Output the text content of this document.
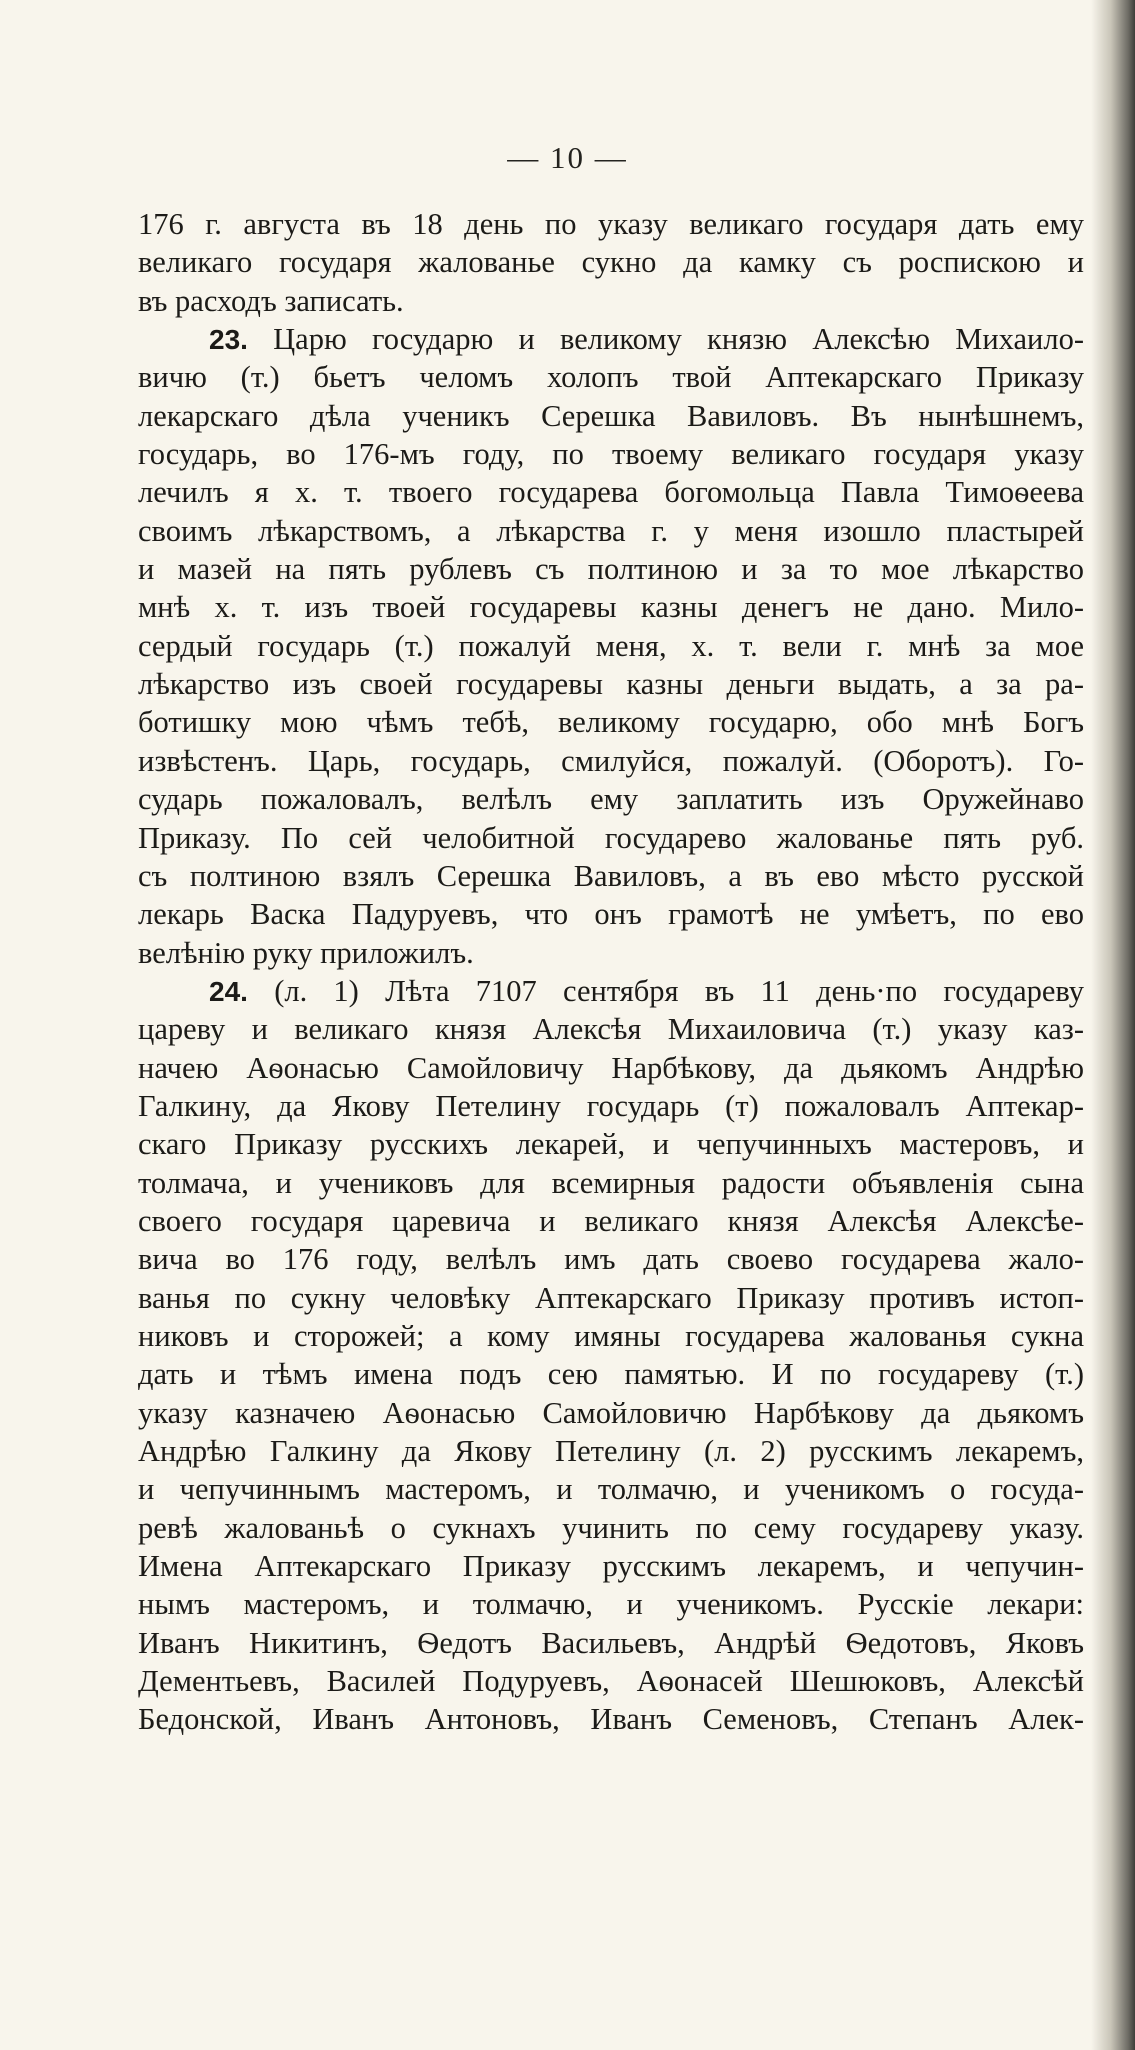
— 10 —
176 г. августа въ 18 день по указу великаго государя дать ему
великаго государя жалованье сукно да камку съ роспискою и
въ расходъ записать.
23. Царю государю и великому князю Алексѣю Михаило-
вичю (т.) бьетъ челомъ холопъ твой Аптекарскаго Приказу
лекарскаго дѣла ученикъ Серешка Вавиловъ. Въ нынѣшнемъ,
государь, во 176-мъ году, по твоему великаго государя указу
лечилъ я х. т. твоего государева богомольца Павла Тимоѳеева
своимъ лѣкарствомъ, а лѣкарства г. у меня изошло пластырей
и мазей на пять рублевъ съ полтиною и за то мое лѣкарство
мнѣ х. т. изъ твоей государевы казны денегъ не дано. Мило-
сердый государь (т.) пожалуй меня, х. т. вели г. мнѣ за мое
лѣкарство изъ своей государевы казны деньги выдать, а за ра-
ботишку мою чѣмъ тебѣ, великому государю, обо мнѣ Богъ
извѣстенъ. Царь, государь, смилуйся, пожалуй. (Оборотъ). Го-
сударь пожаловалъ, велѣлъ ему заплатить изъ Оружейнаво
Приказу. По сей челобитной государево жалованье пять руб.
съ полтиною взялъ Серешка Вавиловъ, а въ ево мѣсто русской
лекарь Васка Падуруевъ, что онъ грамотѣ не умѣетъ, по ево
велѣнію руку приложилъ.
24. (л. 1) Лѣта 7107 сентября въ 11 день·по государеву
цареву и великаго князя Алексѣя Михаиловича (т.) указу каз-
начею Аѳонасью Самойловичу Нарбѣкову, да дьякомъ Андрѣю
Галкину, да Якову Петелину государь (т) пожаловалъ Аптекар-
скаго Приказу русскихъ лекарей, и чепучинныхъ мастеровъ, и
толмача, и учениковъ для всемирныя радости объявленія сына
своего государя царевича и великаго князя Алексѣя Алексѣе-
вича во 176 году, велѣлъ имъ дать своево государева жало-
ванья по сукну человѣку Аптекарскаго Приказу противъ истоп-
никовъ и сторожей; а кому имяны государева жалованья сукна
дать и тѣмъ имена подъ сею памятью. И по государеву (т.)
указу казначею Аѳонасью Самойловичю Нарбѣкову да дьякомъ
Андрѣю Галкину да Якову Петелину (л. 2) русскимъ лекаремъ,
и чепучиннымъ мастеромъ, и толмачю, и ученикомъ о госуда-
ревѣ жалованьѣ о сукнахъ учинить по сему государеву указу.
Имена Аптекарскаго Приказу русскимъ лекаремъ, и чепучин-
нымъ мастеромъ, и толмачю, и ученикомъ. Русскіе лекари:
Иванъ Никитинъ, Ѳедотъ Васильевъ, Андрѣй Ѳедотовъ, Яковъ
Дементьевъ, Василей Подуруевъ, Аѳонасей Шешюковъ, Алексѣй
Бедонской, Иванъ Антоновъ, Иванъ Семеновъ, Степанъ Алек-
